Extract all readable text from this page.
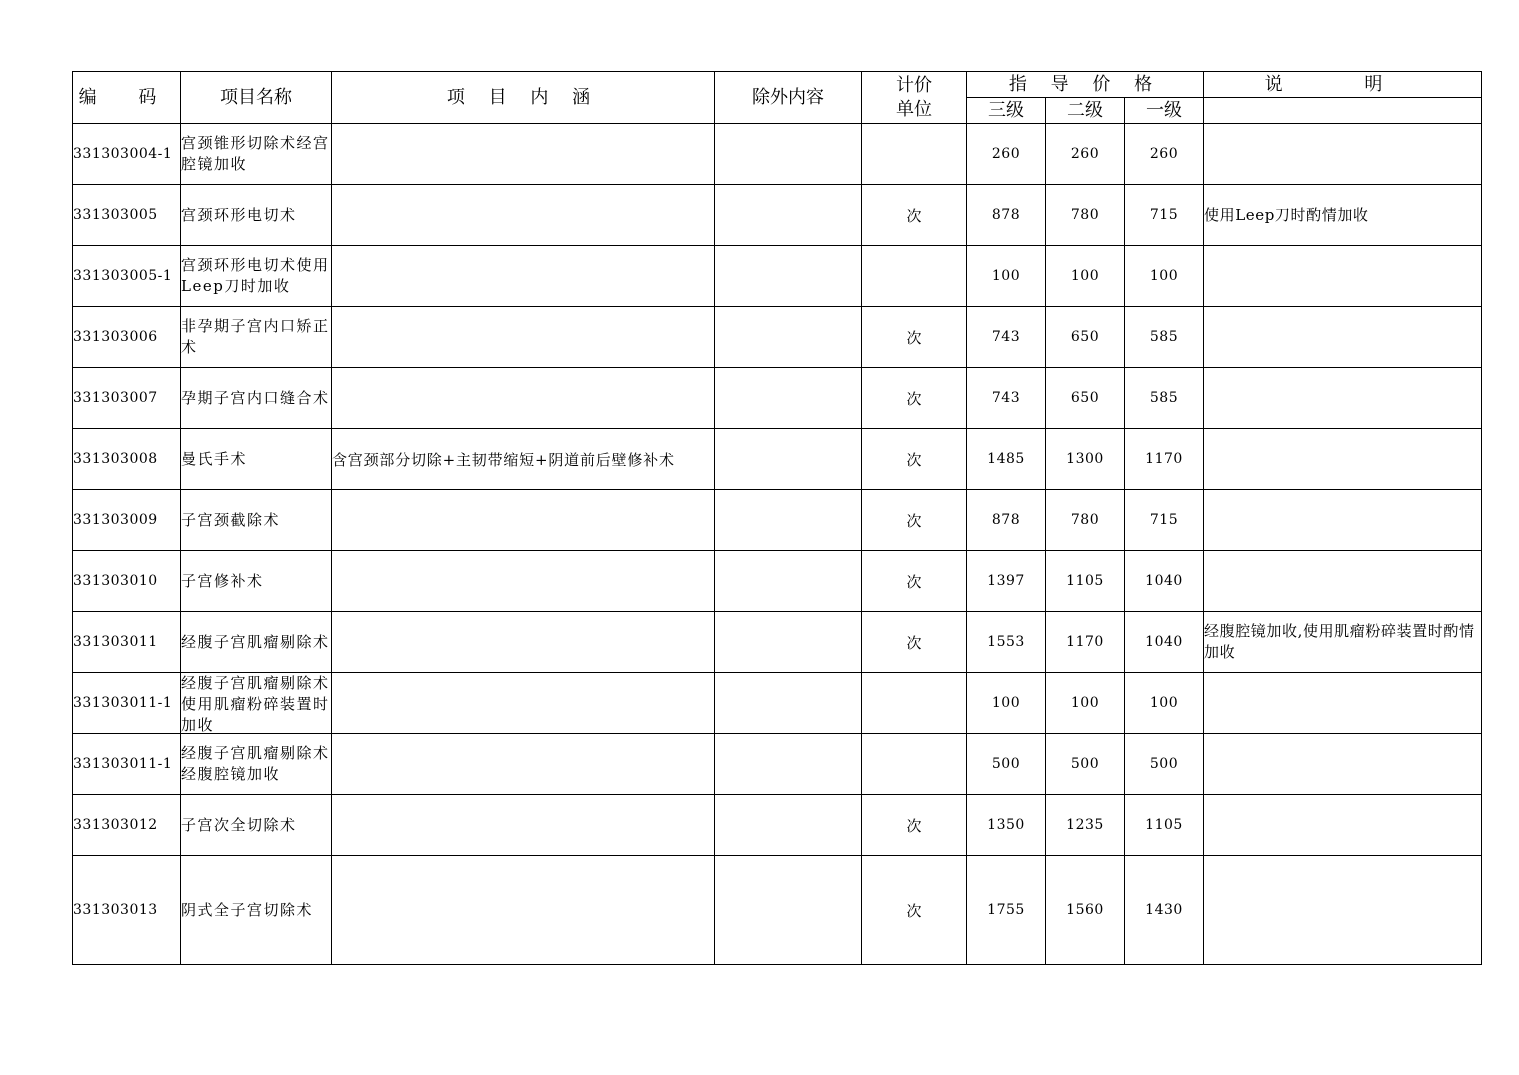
编 码	项目名称	项 目 内 涵	除外内容	计价单位	指 导 价 格			说 明
					三级	二级	一级	
331303004-1	宫颈锥形切除术经宫腔镜加收				260	260	260	
331303005	宫颈环形电切术			次	878	780	715	使用Leep刀时酌情加收
331303005-1	宫颈环形电切术使用Leep刀时加收				100	100	100	
331303006	非孕期子宫内口矫正术			次	743	650	585	
331303007	孕期子宫内口缝合术			次	743	650	585	
331303008	曼氏手术	含宫颈部分切除+主韧带缩短+阴道前后壁修补术		次	1485	1300	1170	
331303009	子宫颈截除术			次	878	780	715	
331303010	子宫修补术			次	1397	1105	1040	
331303011	经腹子宫肌瘤剔除术			次	1553	1170	1040	经腹腔镜加收,使用肌瘤粉碎装置时酌情加收
331303011-1	经腹子宫肌瘤剔除术 使用肌瘤粉碎装置时加收				100	100	100	
331303011-1	经腹子宫肌瘤剔除术 经腹腔镜加收				500	500	500	
331303012	子宫次全切除术			次	1350	1235	1105	
331303013	阴式全子宫切除术			次	1755	1560	1430	
